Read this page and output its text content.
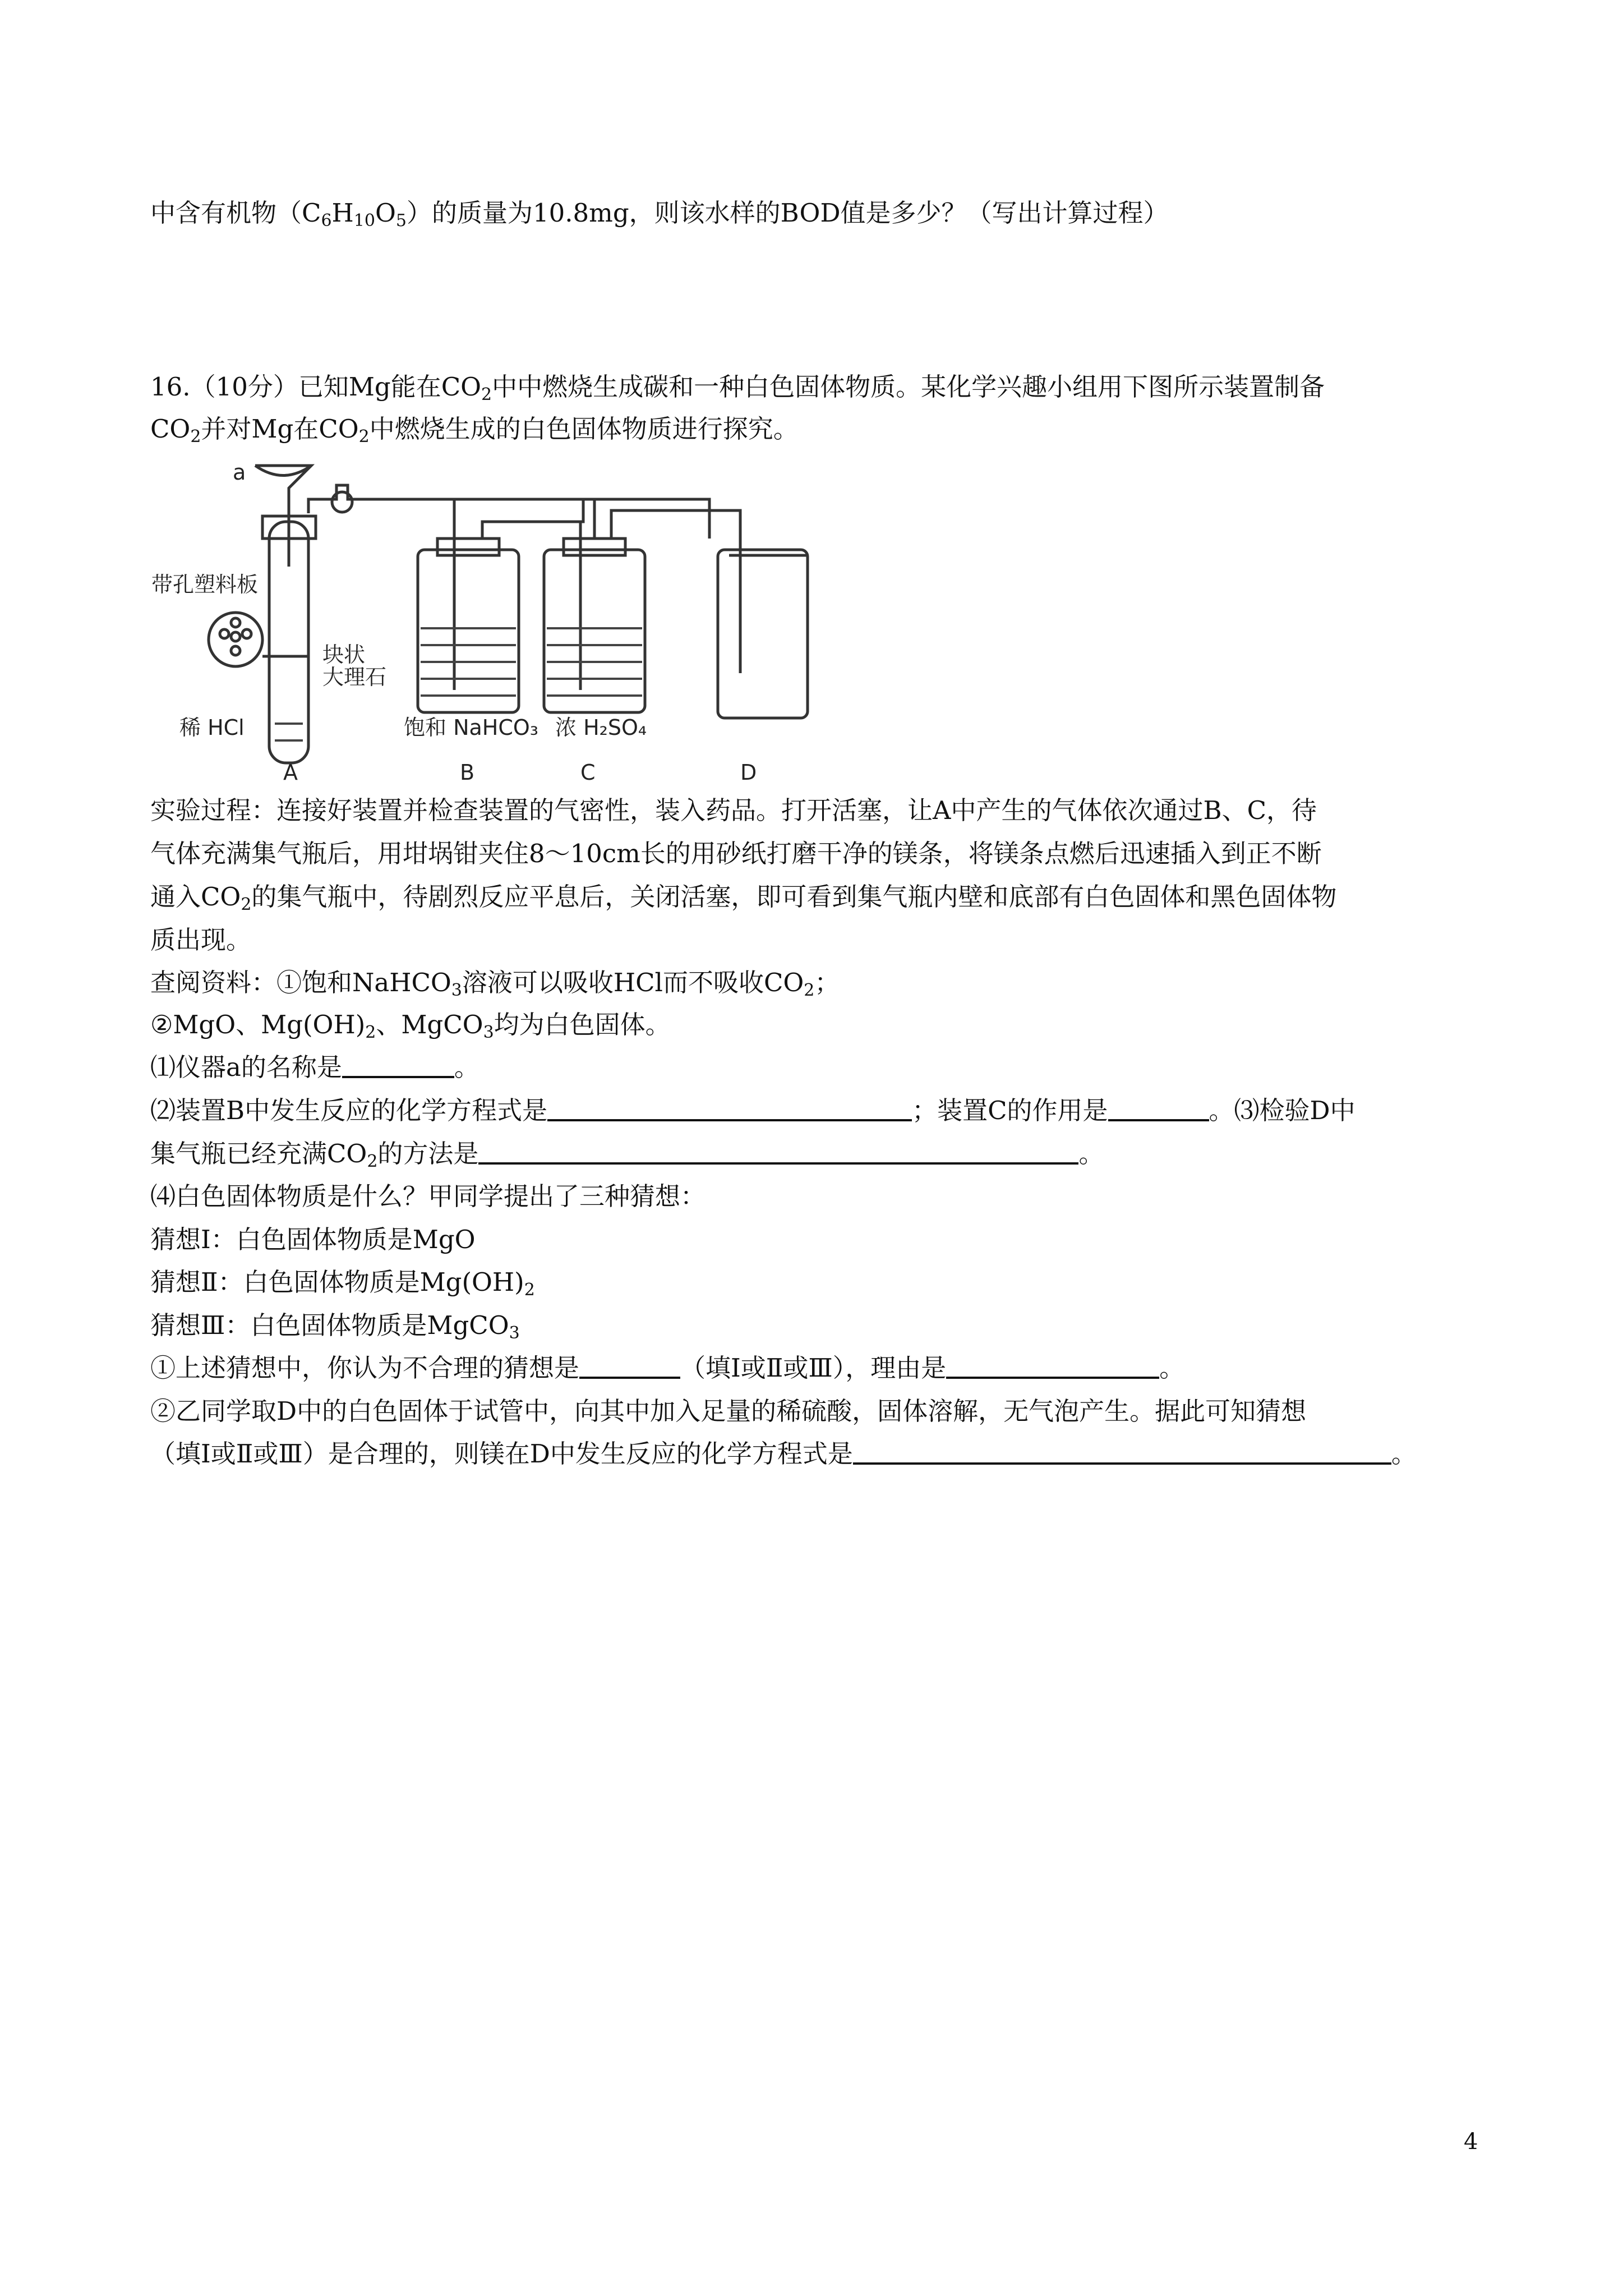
中含有机物$(C_6H_{10}O_5)$的质量为10.8mg，则该水样的BOD值是多少？（写出计算过程）
16.（10分）已知Mg能在$CO_2$中中燃烧生成碳和一种白色固体物质。某化学兴趣小组用下图所示装置制备
$CO_2$并对Mg在$CO_2$中燃烧生成的白色固体物质进行探究。
a
带孔塑料板
块状
大理石
稀 HCl	饱和 NaHCO₃ 浓 H₂SO₄
A	B	C	D
实验过程：连接好装置并检查装置的气密性，装入药品。打开活塞，让A中产生的气体依次通过B、C，待
气体充满集气瓶后，用坩埚钳夹住8～10cm长的用砂纸打磨干净的镁条，将镁条点燃后迅速插入到正不断
通入$CO_2$的集气瓶中，待剧烈反应平息后，关闭活塞，即可看到集气瓶内壁和底部有白色固体和黑色固体物
质出现。
查阅资料：①饱和NaHCO$_3$溶液可以吸收HCl而不吸收$CO_2$；
②MgO、$Mg(OH)_2$、MgCO$_3$均为白色固体。
⑴仪器a的名称是	。
⑵装置B中发生反应的化学方程式是	；装置C的作用是	。⑶检验D中
集气瓶已经充满$CO_2$的方法是	。
⑷白色固体物质是什么？甲同学提出了三种猜想：
猜想Ⅰ：白色固体物质是MgO
猜想Ⅱ：白色固体物质是$Mg(OH)_2$
猜想Ⅲ：白色固体物质是MgCO$_3$
①上述猜想中，你认为不合理的猜想是	（填Ⅰ或Ⅱ或Ⅲ），理由是	。
②乙同学取D中的白色固体于试管中，向其中加入足量的稀硫酸，固体溶解，无气泡产生。据此可知猜想
（填Ⅰ或Ⅱ或Ⅲ）是合理的，则镁在D中发生反应的化学方程式是	。
4
